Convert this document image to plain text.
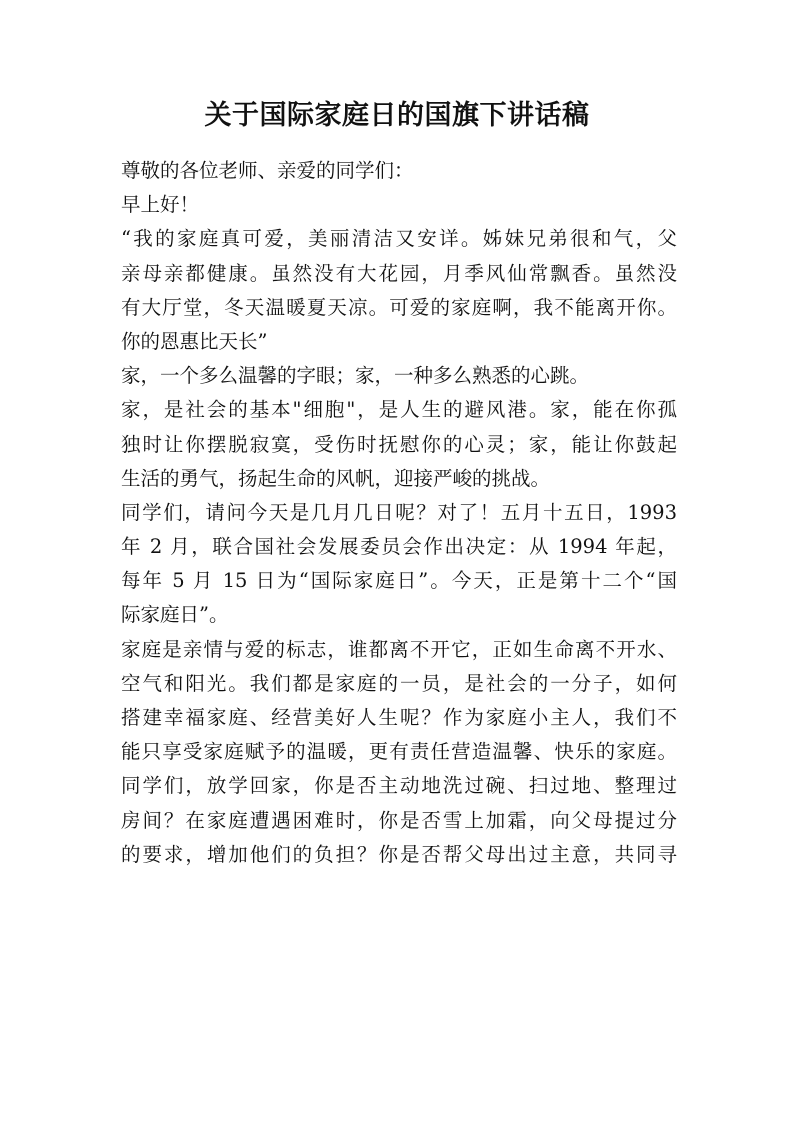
关于国际家庭日的国旗下讲话稿
尊敬的各位老师、亲爱的同学们：
早上好！
“我的家庭真可爱，美丽清洁又安详。姊妹兄弟很和气，父
亲母亲都健康。虽然没有大花园，月季风仙常飘香。虽然没
有大厅堂，冬天温暖夏天凉。可爱的家庭啊，我不能离开你。
你的恩惠比天长”
家，一个多么温馨的字眼；家，一种多么熟悉的心跳。
家，是社会的基本"细胞"，是人生的避风港。家，能在你孤
独时让你摆脱寂寞，受伤时抚慰你的心灵；家，能让你鼓起
生活的勇气，扬起生命的风帆，迎接严峻的挑战。
同学们，请问今天是几月几日呢？对了！五月十五日，1993
年 2 月，联合国社会发展委员会作出决定：从 1994 年起，
每年 5 月 15 日为“国际家庭日”。今天，正是第十二个“国
际家庭日”。
家庭是亲情与爱的标志，谁都离不开它，正如生命离不开水、
空气和阳光。我们都是家庭的一员，是社会的一分子，如何
搭建幸福家庭、经营美好人生呢？作为家庭小主人，我们不
能只享受家庭赋予的温暖，更有责任营造温馨、快乐的家庭。
同学们，放学回家，你是否主动地洗过碗、扫过地、整理过
房间？在家庭遭遇困难时，你是否雪上加霜，向父母提过分
的要求，增加他们的负担？你是否帮父母出过主意，共同寻
